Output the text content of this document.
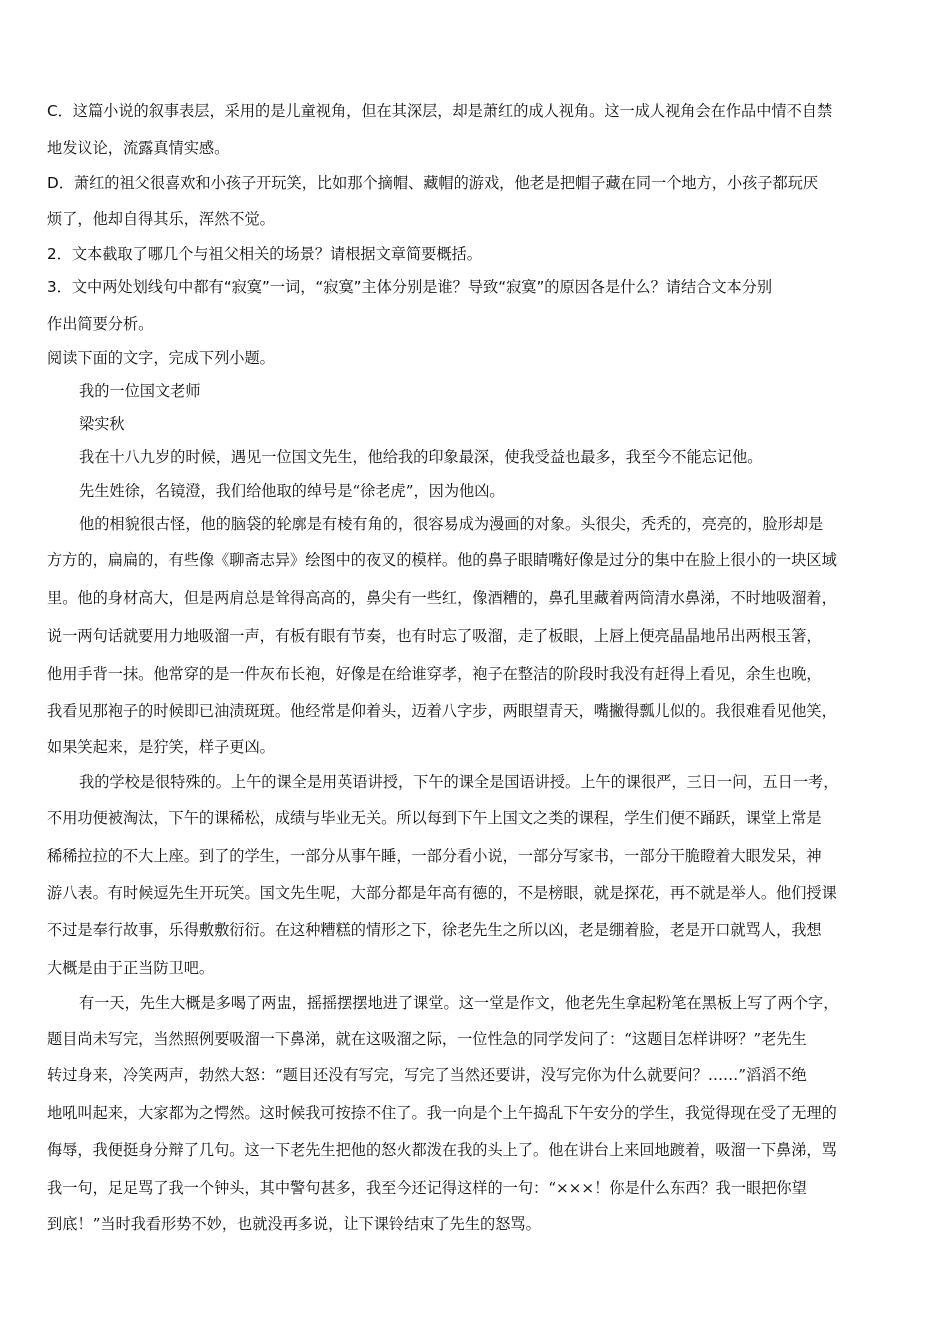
C．这篇小说的叙事表层，采用的是儿童视角，但在其深层，却是萧红的成人视角。这一成人视角会在作品中情不自禁
地发议论，流露真情实感。
D．萧红的祖父很喜欢和小孩子开玩笑，比如那个摘帽、藏帽的游戏，他老是把帽子藏在同一个地方，小孩子都玩厌
烦了，他却自得其乐，浑然不觉。
2．文本截取了哪几个与祖父相关的场景？请根据文章简要概括。
3．文中两处划线句中都有“寂寞”一词，“寂寞”主体分别是谁？导致“寂寞”的原因各是什么？请结合文本分别
作出简要分析。
阅读下面的文字，完成下列小题。
我的一位国文老师
梁实秋
我在十八九岁的时候，遇见一位国文先生，他给我的印象最深，使我受益也最多，我至今不能忘记他。
先生姓徐，名镜澄，我们给他取的绰号是“徐老虎”，因为他凶。
他的相貌很古怪，他的脑袋的轮廓是有棱有角的，很容易成为漫画的对象。头很尖，秃秃的，亮亮的，脸形却是
方方的，扁扁的，有些像《聊斋志异》绘图中的夜叉的模样。他的鼻子眼睛嘴好像是过分的集中在脸上很小的一块区域
里。他的身材高大，但是两肩总是耸得高高的，鼻尖有一些红，像酒糟的，鼻孔里藏着两筒清水鼻涕，不时地吸溜着，
说一两句话就要用力地吸溜一声，有板有眼有节奏，也有时忘了吸溜，走了板眼，上唇上便亮晶晶地吊出两根玉箸，
他用手背一抹。他常穿的是一件灰布长袍，好像是在给谁穿孝，袍子在整洁的阶段时我没有赶得上看见，余生也晚，
我看见那袍子的时候即已油渍斑斑。他经常是仰着头，迈着八字步，两眼望青天，嘴撇得瓢儿似的。我很难看见他笑，
如果笑起来，是狞笑，样子更凶。
我的学校是很特殊的。上午的课全是用英语讲授，下午的课全是国语讲授。上午的课很严，三日一问，五日一考，
不用功便被淘汰，下午的课稀松，成绩与毕业无关。所以每到下午上国文之类的课程，学生们便不踊跃，课堂上常是
稀稀拉拉的不大上座。到了的学生，一部分从事午睡，一部分看小说，一部分写家书，一部分干脆瞪着大眼发呆，神
游八表。有时候逗先生开玩笑。国文先生呢，大部分都是年高有德的，不是榜眼，就是探花，再不就是举人。他们授课
不过是奉行故事，乐得敷敷衍衍。在这种糟糕的情形之下，徐老先生之所以凶，老是绷着脸，老是开口就骂人，我想
大概是由于正当防卫吧。
有一天，先生大概是多喝了两盅，摇摇摆摆地进了课堂。这一堂是作文，他老先生拿起粉笔在黑板上写了两个字，
题目尚未写完，当然照例要吸溜一下鼻涕，就在这吸溜之际，一位性急的同学发问了：“这题目怎样讲呀？”老先生
转过身来，冷笑两声，勃然大怒：“题目还没有写完，写完了当然还要讲，没写完你为什么就要问？……”滔滔不绝
地吼叫起来，大家都为之愕然。这时候我可按捺不住了。我一向是个上午捣乱下午安分的学生，我觉得现在受了无理的
侮辱，我便挺身分辩了几句。这一下老先生把他的怒火都泼在我的头上了。他在讲台上来回地踱着，吸溜一下鼻涕，骂
我一句，足足骂了我一个钟头，其中警句甚多，我至今还记得这样的一句：“×××！你是什么东西？我一眼把你望
到底！”当时我看形势不妙，也就没再多说，让下课铃结束了先生的怒骂。
